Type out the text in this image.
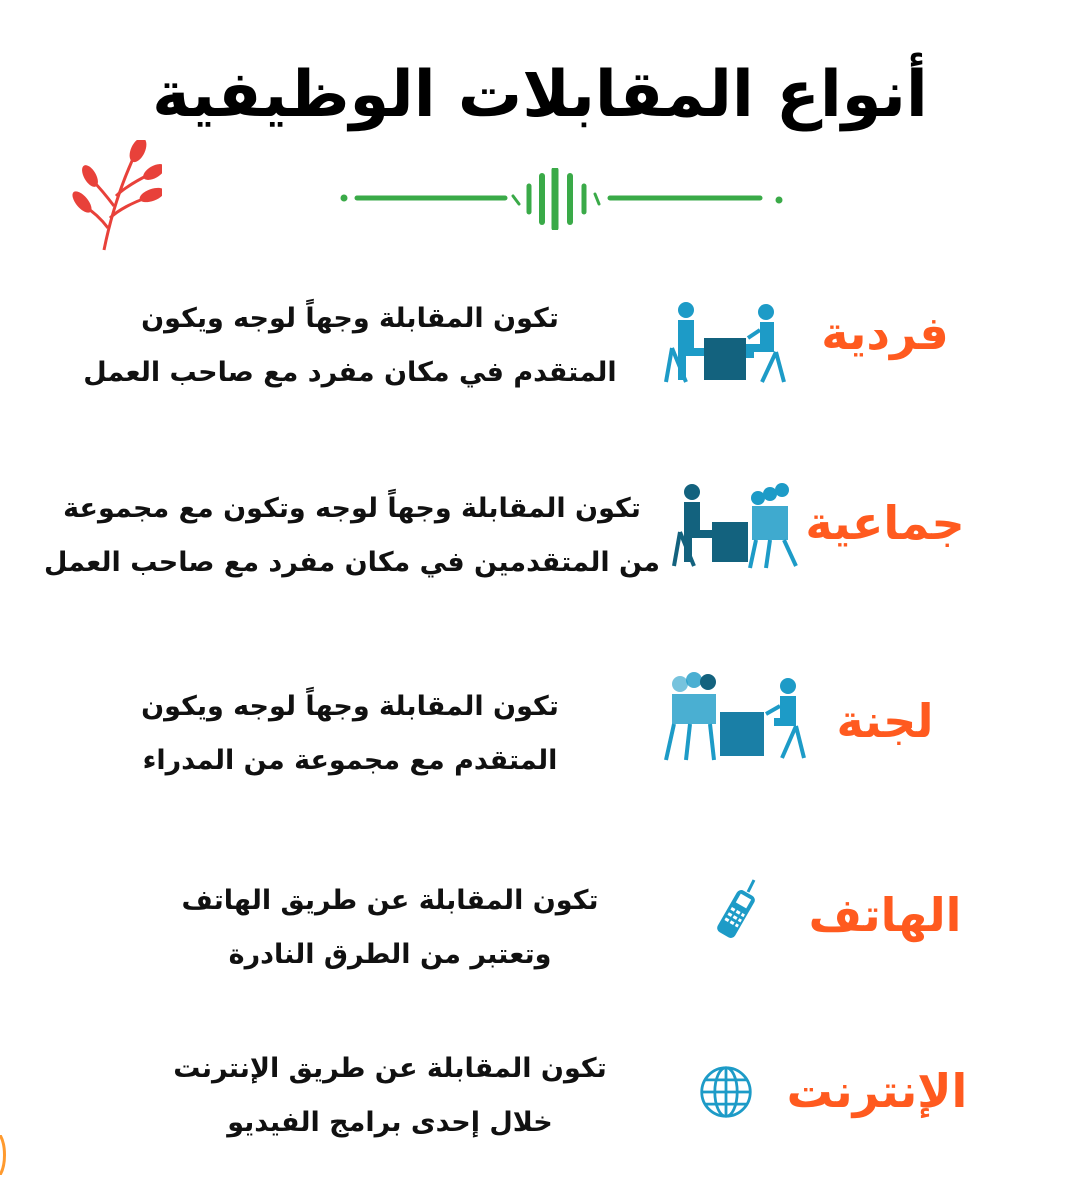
أنواع المقابلات الوظيفية
فردية
تكون المقابلة وجهاً لوجه ويكون
المتقدم في مكان مفرد مع صاحب العمل
جماعية
تكون المقابلة وجهاً لوجه وتكون مع مجموعة
من المتقدمين في مكان مفرد مع صاحب العمل
لجنة
تكون المقابلة وجهاً لوجه ويكون
المتقدم مع مجموعة من المدراء
الهاتف
تكون المقابلة عن طريق الهاتف
وتعتبر من الطرق النادرة
الإنترنت
تكون المقابلة عن طريق الإنترنت
خلال إحدى برامج الفيديو
